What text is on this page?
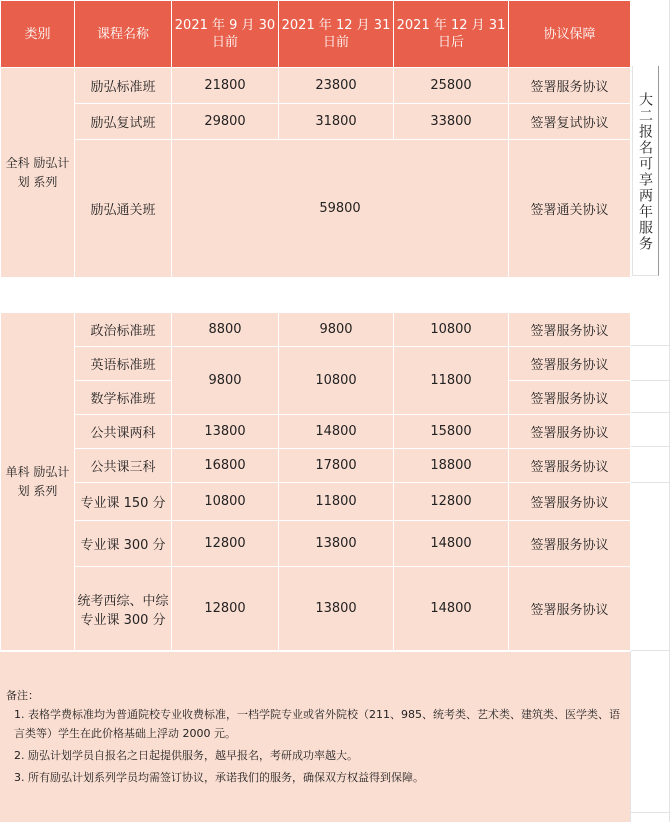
类别	课程名称	2021 年 9 月 30 日前	2021 年 12 月 31 日前	2021 年 12 月 31 日后	协议保障
全科 励弘计划 系列	励弘标准班	21800	23800	25800	签署服务协议
	励弘复试班	29800	31800	33800	签署复试协议
	励弘通关班	59800			签署通关协议

单科 励弘计划 系列	政治标准班	8800	9800	10800	签署服务协议
	英语标准班	9800	10800	11800	签署服务协议
	数学标准班				签署服务协议
	公共课两科	13800	14800	15800	签署服务协议
	公共课三科	16800	17800	18800	签署服务协议
	专业课 150 分	10800	11800	12800	签署服务协议
	专业课 300 分	12800	13800	14800	签署服务协议
	统考西综、中综 专业课 300 分	12800	13800	14800	签署服务协议
大二报名可享两年服务
备注：
1. 表格学费标准均为普通院校专业收费标准，一档学院专业或省外院校（211、985、统考类、艺术类、建筑类、医学类、语言类等）学生在此价格基础上浮动 2000 元。
2. 励弘计划学员自报名之日起提供服务，越早报名，考研成功率越大。
3. 所有励弘计划系列学员均需签订协议，承诺我们的服务，确保双方权益得到保障。
